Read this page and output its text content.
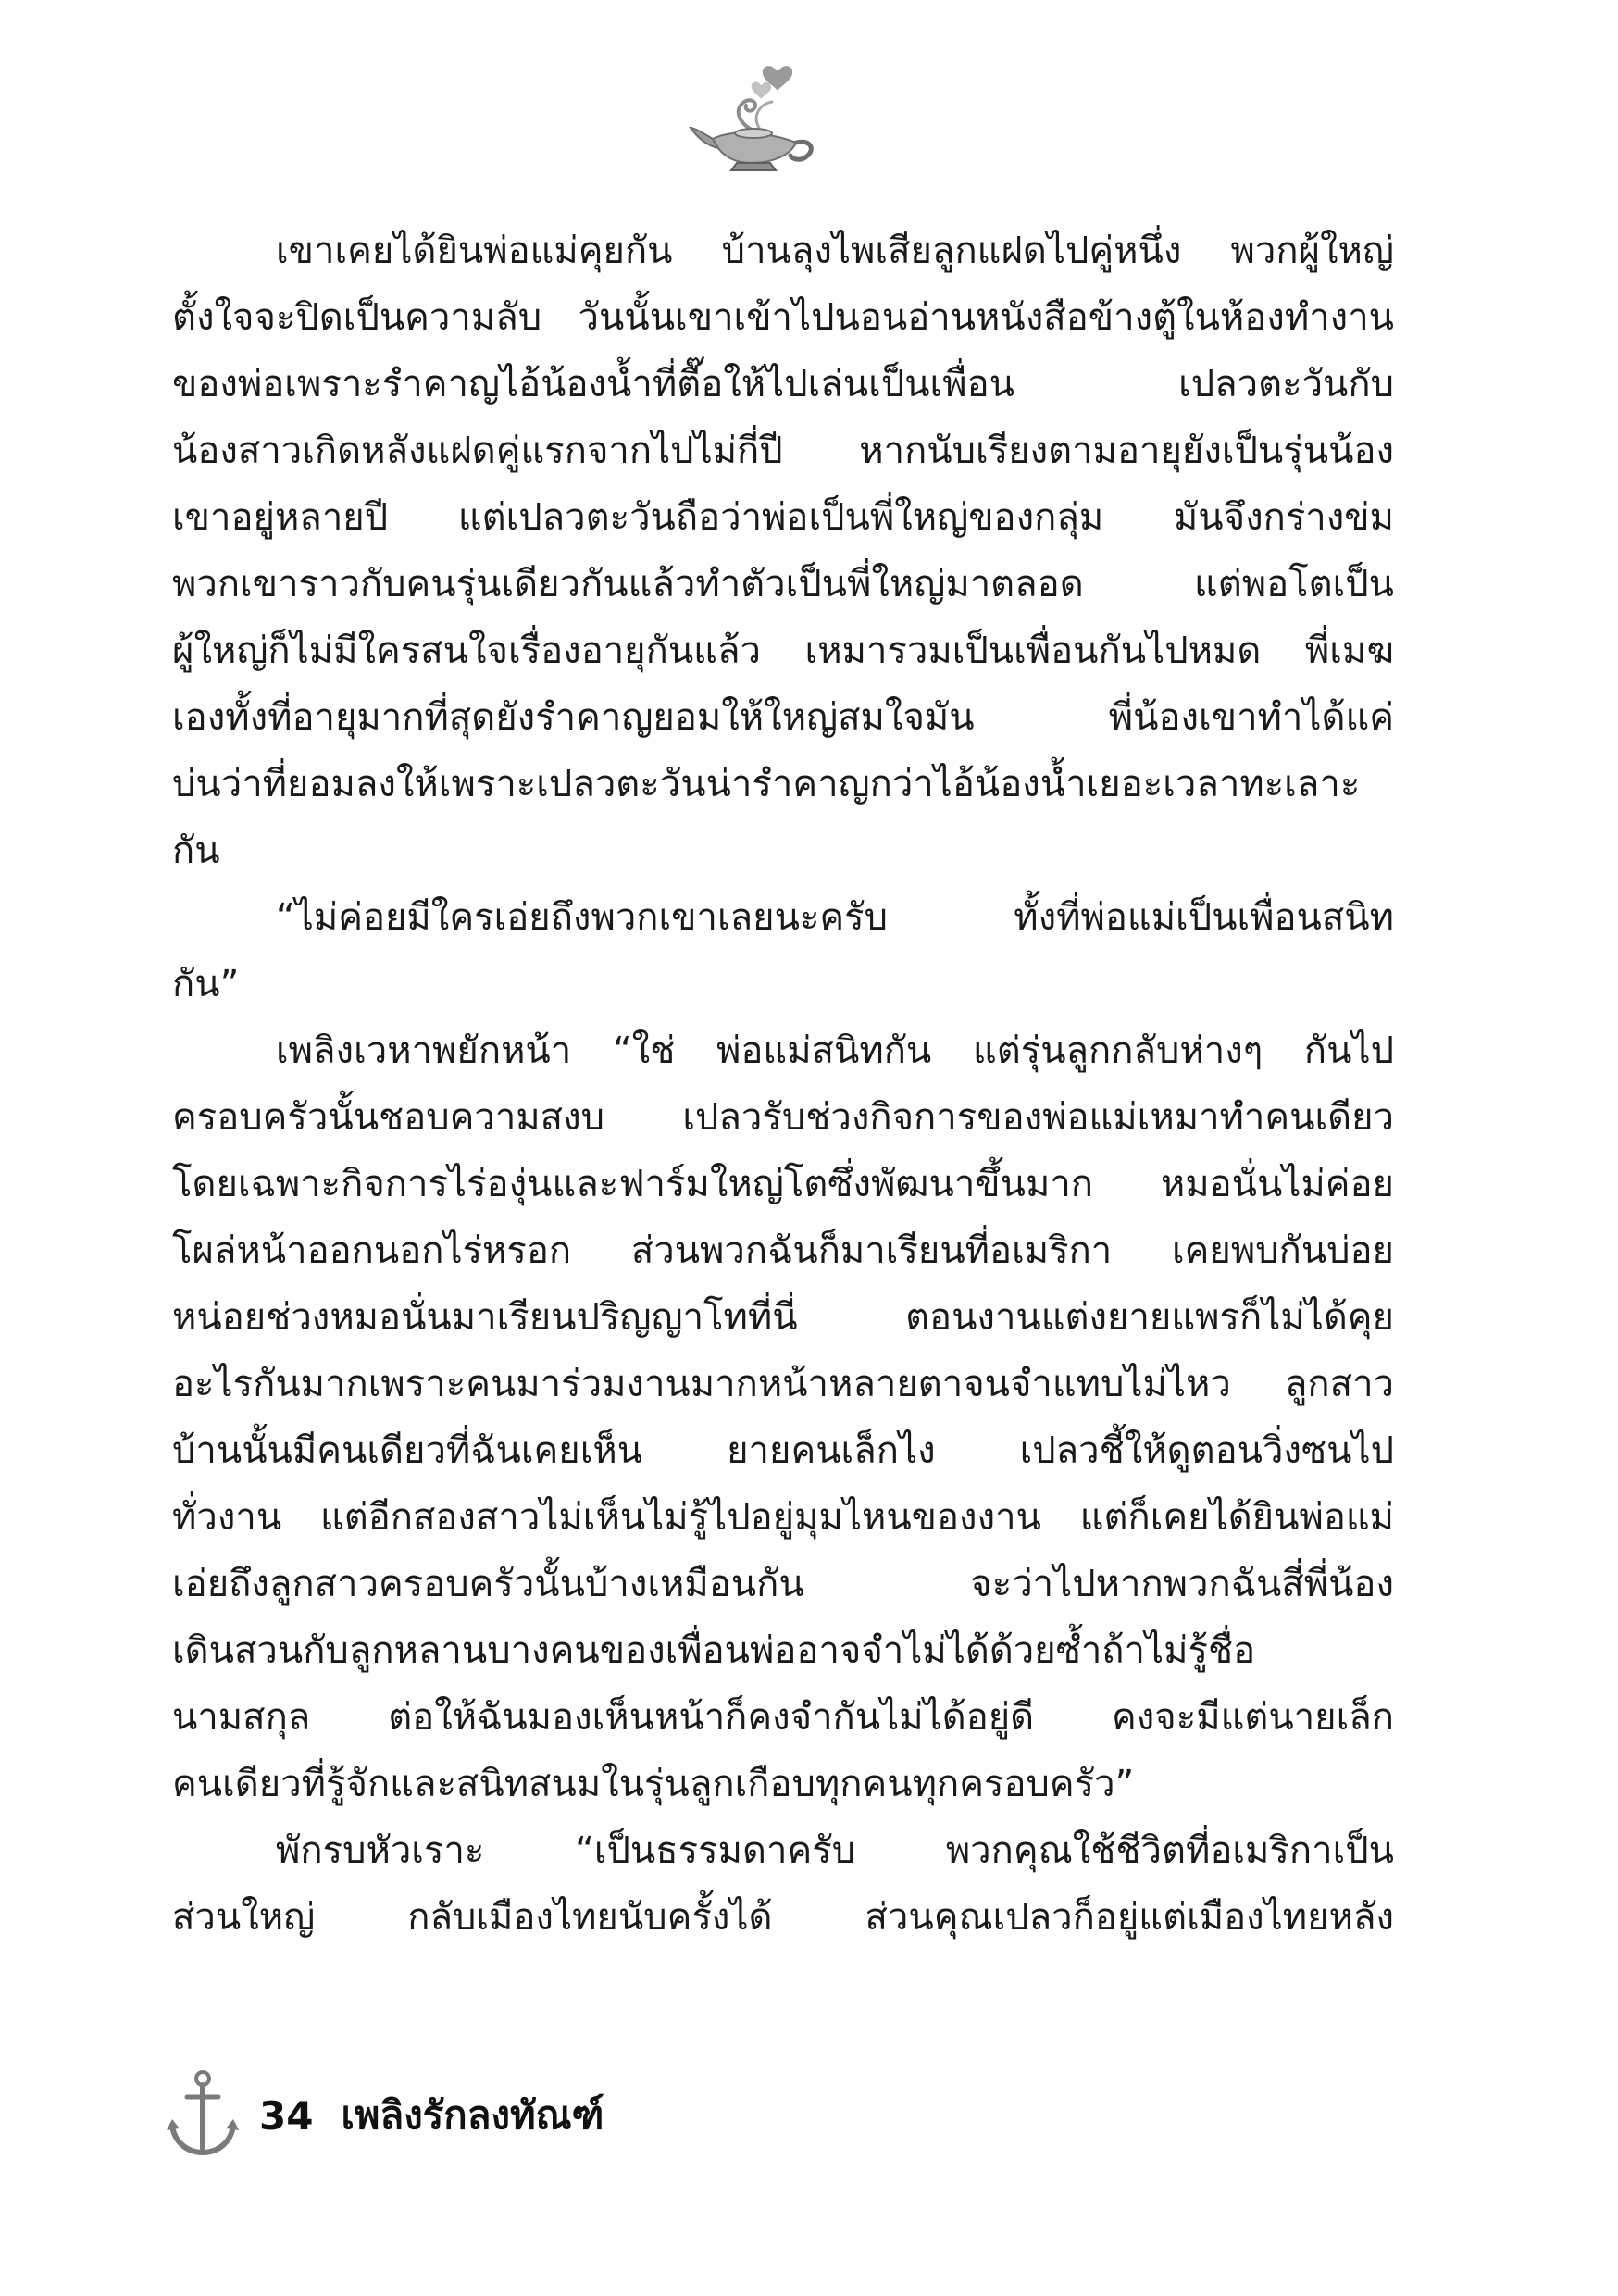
เขาเคยได้ยินพ่อแม่คุยกัน บ้านลุงไพเสียลูกแฝดไปคู่หนึ่ง พวกผู้ใหญ่
ตั้งใจจะปิดเป็นความลับ วันนั้นเขาเข้าไปนอนอ่านหนังสือข้างตู้ในห้องทำงาน
ของพ่อเพราะรำคาญไอ้น้องน้ำที่ตื๊อให้ไปเล่นเป็นเพื่อน เปลวตะวันกับ
น้องสาวเกิดหลังแฝดคู่แรกจากไปไม่กี่ปี หากนับเรียงตามอายุยังเป็นรุ่นน้อง
เขาอยู่หลายปี แต่เปลวตะวันถือว่าพ่อเป็นพี่ใหญ่ของกลุ่ม มันจึงกร่างข่ม
พวกเขาราวกับคนรุ่นเดียวกันแล้วทำตัวเป็นพี่ใหญ่มาตลอด แต่พอโตเป็น
ผู้ใหญ่ก็ไม่มีใครสนใจเรื่องอายุกันแล้ว เหมารวมเป็นเพื่อนกันไปหมด พี่เมฆ
เองทั้งที่อายุมากที่สุดยังรำคาญยอมให้ใหญ่สมใจมัน พี่น้องเขาทำได้แค่
บ่นว่าที่ยอมลงให้เพราะเปลวตะวันน่ารำคาญกว่าไอ้น้องน้ำเยอะเวลาทะเลาะ
กัน
“ไม่ค่อยมีใครเอ่ยถึงพวกเขาเลยนะครับ ทั้งที่พ่อแม่เป็นเพื่อนสนิท
กัน”
เพลิงเวหาพยักหน้า “ใช่ พ่อแม่สนิทกัน แต่รุ่นลูกกลับห่างๆ กันไป
ครอบครัวนั้นชอบความสงบ เปลวรับช่วงกิจการของพ่อแม่เหมาทำคนเดียว
โดยเฉพาะกิจการไร่องุ่นและฟาร์มใหญ่โตซึ่งพัฒนาขึ้นมาก หมอนั่นไม่ค่อย
โผล่หน้าออกนอกไร่หรอก ส่วนพวกฉันก็มาเรียนที่อเมริกา เคยพบกันบ่อย
หน่อยช่วงหมอนั่นมาเรียนปริญญาโทที่นี่ ตอนงานแต่งยายแพรก็ไม่ได้คุย
อะไรกันมากเพราะคนมาร่วมงานมากหน้าหลายตาจนจำแทบไม่ไหว ลูกสาว
บ้านนั้นมีคนเดียวที่ฉันเคยเห็น ยายคนเล็กไง เปลวชี้ให้ดูตอนวิ่งซนไป
ทั่วงาน แต่อีกสองสาวไม่เห็นไม่รู้ไปอยู่มุมไหนของงาน แต่ก็เคยได้ยินพ่อแม่
เอ่ยถึงลูกสาวครอบครัวนั้นบ้างเหมือนกัน จะว่าไปหากพวกฉันสี่พี่น้อง
เดินสวนกับลูกหลานบางคนของเพื่อนพ่ออาจจำไม่ได้ด้วยซ้ำถ้าไม่รู้ชื่อ
นามสกุล ต่อให้ฉันมองเห็นหน้าก็คงจำกันไม่ได้อยู่ดี คงจะมีแต่นายเล็ก
คนเดียวที่รู้จักและสนิทสนมในรุ่นลูกเกือบทุกคนทุกครอบครัว”
พักรบหัวเราะ “เป็นธรรมดาครับ พวกคุณใช้ชีวิตที่อเมริกาเป็น
ส่วนใหญ่ กลับเมืองไทยนับครั้งได้ ส่วนคุณเปลวก็อยู่แต่เมืองไทยหลัง
34 เพลิงรักลงทัณฑ์
